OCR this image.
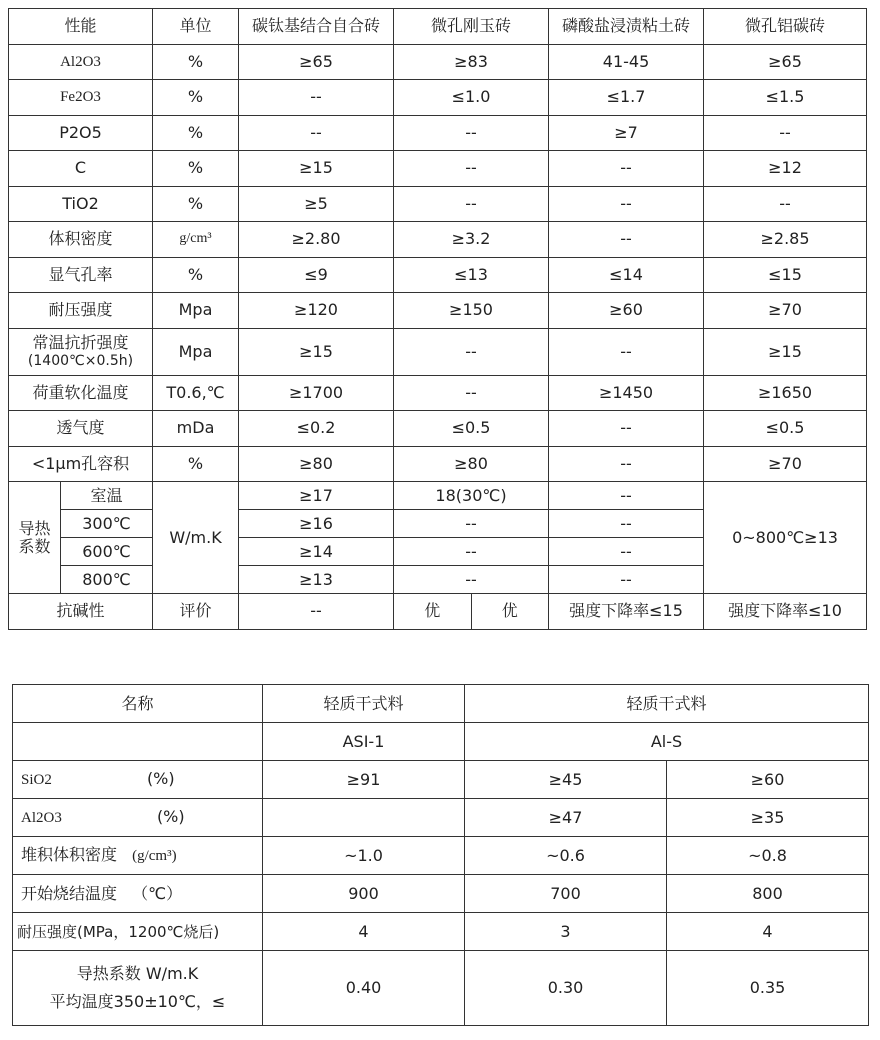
性能		单位	碳钛基结合自合砖	微孔刚玉砖	磷酸盐浸渍粘土砖	微孔铝碳砖
Al2O3		%	≥65	≥83	41-45	≥65
Fe2O3		%	--	≤1.0	≤1.7	≤1.5
P2O5		%	--	--	≥7	--
C		%	≥15	--	--	≥12
TiO2		%	≥5	--	--	--
体积密度		g/cm³	≥2.80	≥3.2	--	≥2.85
显气孔率		%	≤9	≤13	≤14	≤15
耐压强度		Mpa	≥120	≥150	≥60	≥70

常温抗折强度
(1400℃×0.5h)		Mpa	≥15	--	--	≥15
荷重软化温度		T0.6,℃	≥1700	--	≥1450	≥1650
透气度		mDa	≤0.2	≤0.5	--	≤0.5
<1μm孔容积		%	≥80	≥80	--	≥70

导热
系数	室温	W/m.K	≥17	18(30℃)	--	0~800℃≥13
	300℃		≥16	--	--	
	600℃		≥14	--	--	
	800℃		≥13	--	--	
抗碱性		评价	--	优 优	强度下降率≤15	强度下降率≤10
名称	轻质干式料	轻质干式料	
	ASI-1	Al-S	
SiO2 (%)	≥91	≥45	≥60
Al2O3 (%)		≥47	≥35
堆积体积密度 (g/cm³)	~1.0	~0.6	~0.8
开始烧结温度 （℃）	900	700	800
耐压强度(MPa，1200℃烧后)	4	3	4

导热系数 W/m.K
平均温度350±10℃，≤	0.40	0.30	0.35
